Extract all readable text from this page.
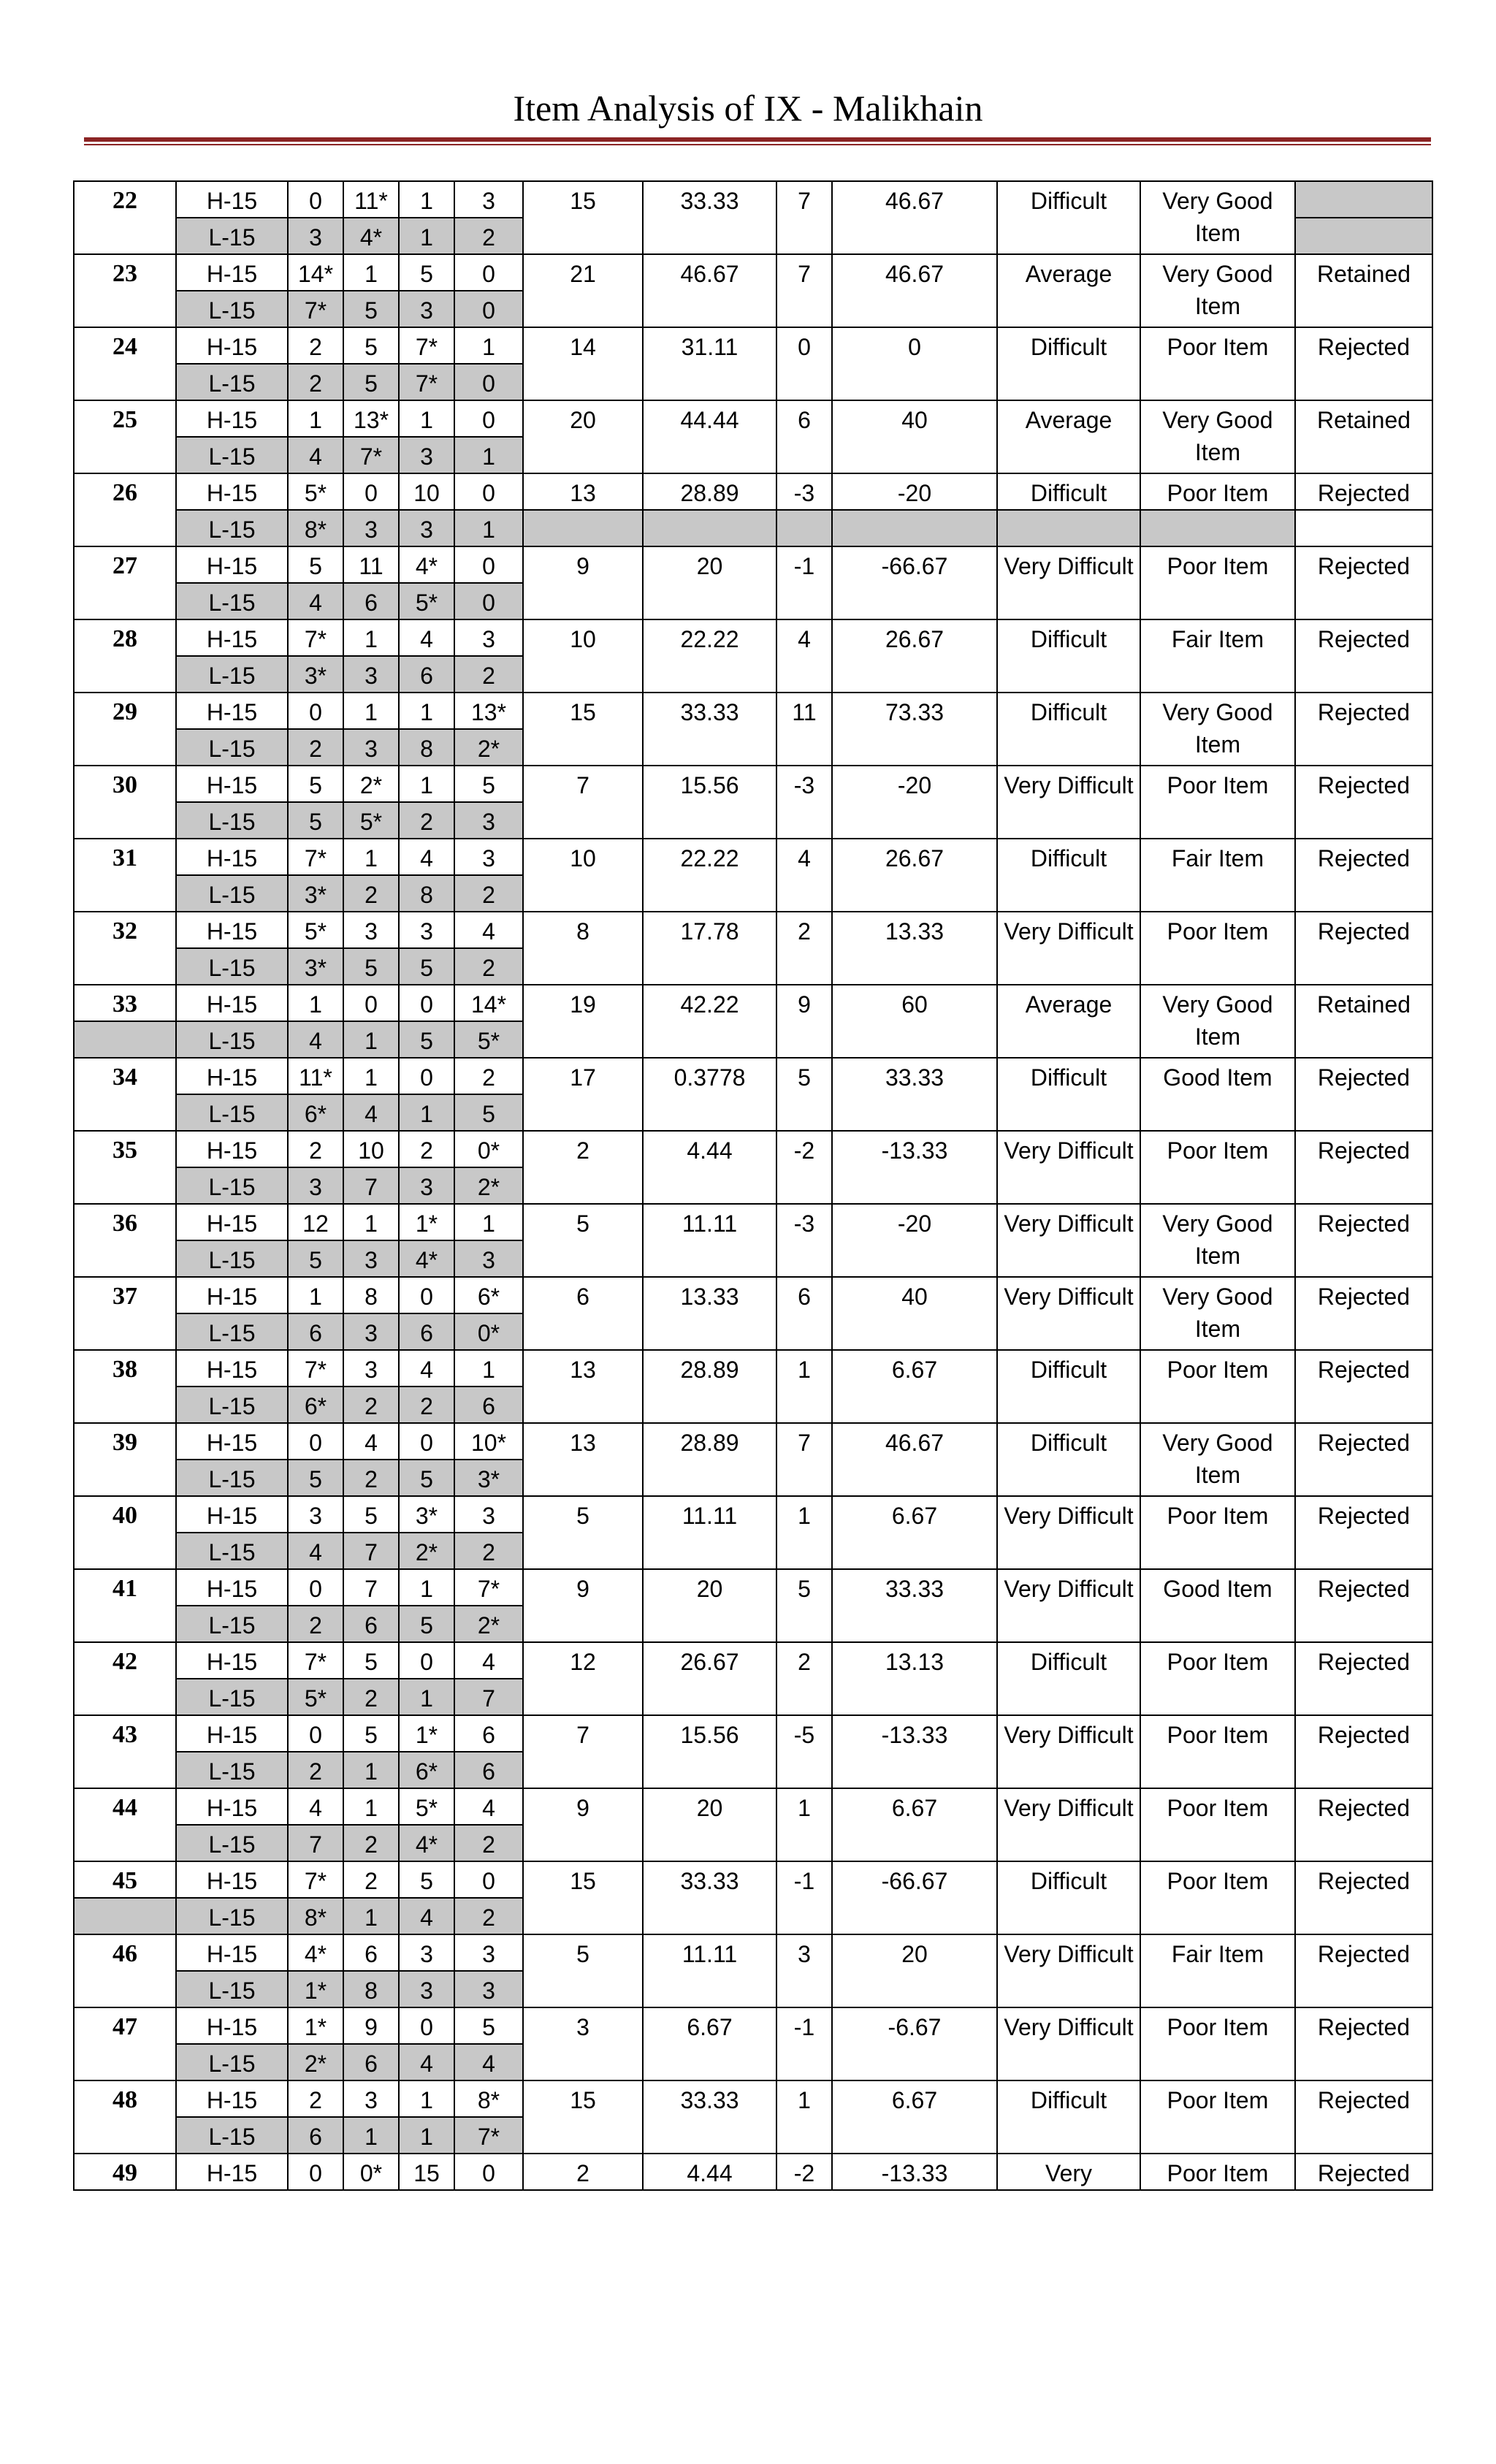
Item Analysis of IX - Malikhain
22	H-15	0	11*	1	3	15	33.33	7	46.67	Difficult	Very Good Item	
	L-15	3	4*	1	2							
23	H-15	14*	1	5	0	21	46.67	7	46.67	Average	Very Good Item	Retained
	L-15	7*	5	3	0							
24	H-15	2	5	7*	1	14	31.11	0	0	Difficult	Poor Item	Rejected
	L-15	2	5	7*	0							
25	H-15	1	13*	1	0	20	44.44	6	40	Average	Very Good Item	Retained
	L-15	4	7*	3	1							
26	H-15	5*	0	10	0	13	28.89	-3	-20	Difficult	Poor Item	Rejected
	L-15	8*	3	3	1							
27	H-15	5	11	4*	0	9	20	-1	-66.67	Very Difficult	Poor Item	Rejected
	L-15	4	6	5*	0							
28	H-15	7*	1	4	3	10	22.22	4	26.67	Difficult	Fair Item	Rejected
	L-15	3*	3	6	2							
29	H-15	0	1	1	13*	15	33.33	11	73.33	Difficult	Very Good Item	Rejected
	L-15	2	3	8	2*							
30	H-15	5	2*	1	5	7	15.56	-3	-20	Very Difficult	Poor Item	Rejected
	L-15	5	5*	2	3							
31	H-15	7*	1	4	3	10	22.22	4	26.67	Difficult	Fair Item	Rejected
	L-15	3*	2	8	2							
32	H-15	5*	3	3	4	8	17.78	2	13.33	Very Difficult	Poor Item	Rejected
	L-15	3*	5	5	2							
33	H-15	1	0	0	14*	19	42.22	9	60	Average	Very Good Item	Retained
	L-15	4	1	5	5*							
34	H-15	11*	1	0	2	17	0.3778	5	33.33	Difficult	Good Item	Rejected
	L-15	6*	4	1	5							
35	H-15	2	10	2	0*	2	4.44	-2	-13.33	Very Difficult	Poor Item	Rejected
	L-15	3	7	3	2*							
36	H-15	12	1	1*	1	5	11.11	-3	-20	Very Difficult	Very Good Item	Rejected
	L-15	5	3	4*	3							
37	H-15	1	8	0	6*	6	13.33	6	40	Very Difficult	Very Good Item	Rejected
	L-15	6	3	6	0*							
38	H-15	7*	3	4	1	13	28.89	1	6.67	Difficult	Poor Item	Rejected
	L-15	6*	2	2	6							
39	H-15	0	4	0	10*	13	28.89	7	46.67	Difficult	Very Good Item	Rejected
	L-15	5	2	5	3*							
40	H-15	3	5	3*	3	5	11.11	1	6.67	Very Difficult	Poor Item	Rejected
	L-15	4	7	2*	2							
41	H-15	0	7	1	7*	9	20	5	33.33	Very Difficult	Good Item	Rejected
	L-15	2	6	5	2*							
42	H-15	7*	5	0	4	12	26.67	2	13.13	Difficult	Poor Item	Rejected
	L-15	5*	2	1	7							
43	H-15	0	5	1*	6	7	15.56	-5	-13.33	Very Difficult	Poor Item	Rejected
	L-15	2	1	6*	6							
44	H-15	4	1	5*	4	9	20	1	6.67	Very Difficult	Poor Item	Rejected
	L-15	7	2	4*	2							
45	H-15	7*	2	5	0	15	33.33	-1	-66.67	Difficult	Poor Item	Rejected
	L-15	8*	1	4	2							
46	H-15	4*	6	3	3	5	11.11	3	20	Very Difficult	Fair Item	Rejected
	L-15	1*	8	3	3							
47	H-15	1*	9	0	5	3	6.67	-1	-6.67	Very Difficult	Poor Item	Rejected
	L-15	2*	6	4	4							
48	H-15	2	3	1	8*	15	33.33	1	6.67	Difficult	Poor Item	Rejected
	L-15	6	1	1	7*							
49	H-15	0	0*	15	0	2	4.44	-2	-13.33	Very	Poor Item	Rejected
